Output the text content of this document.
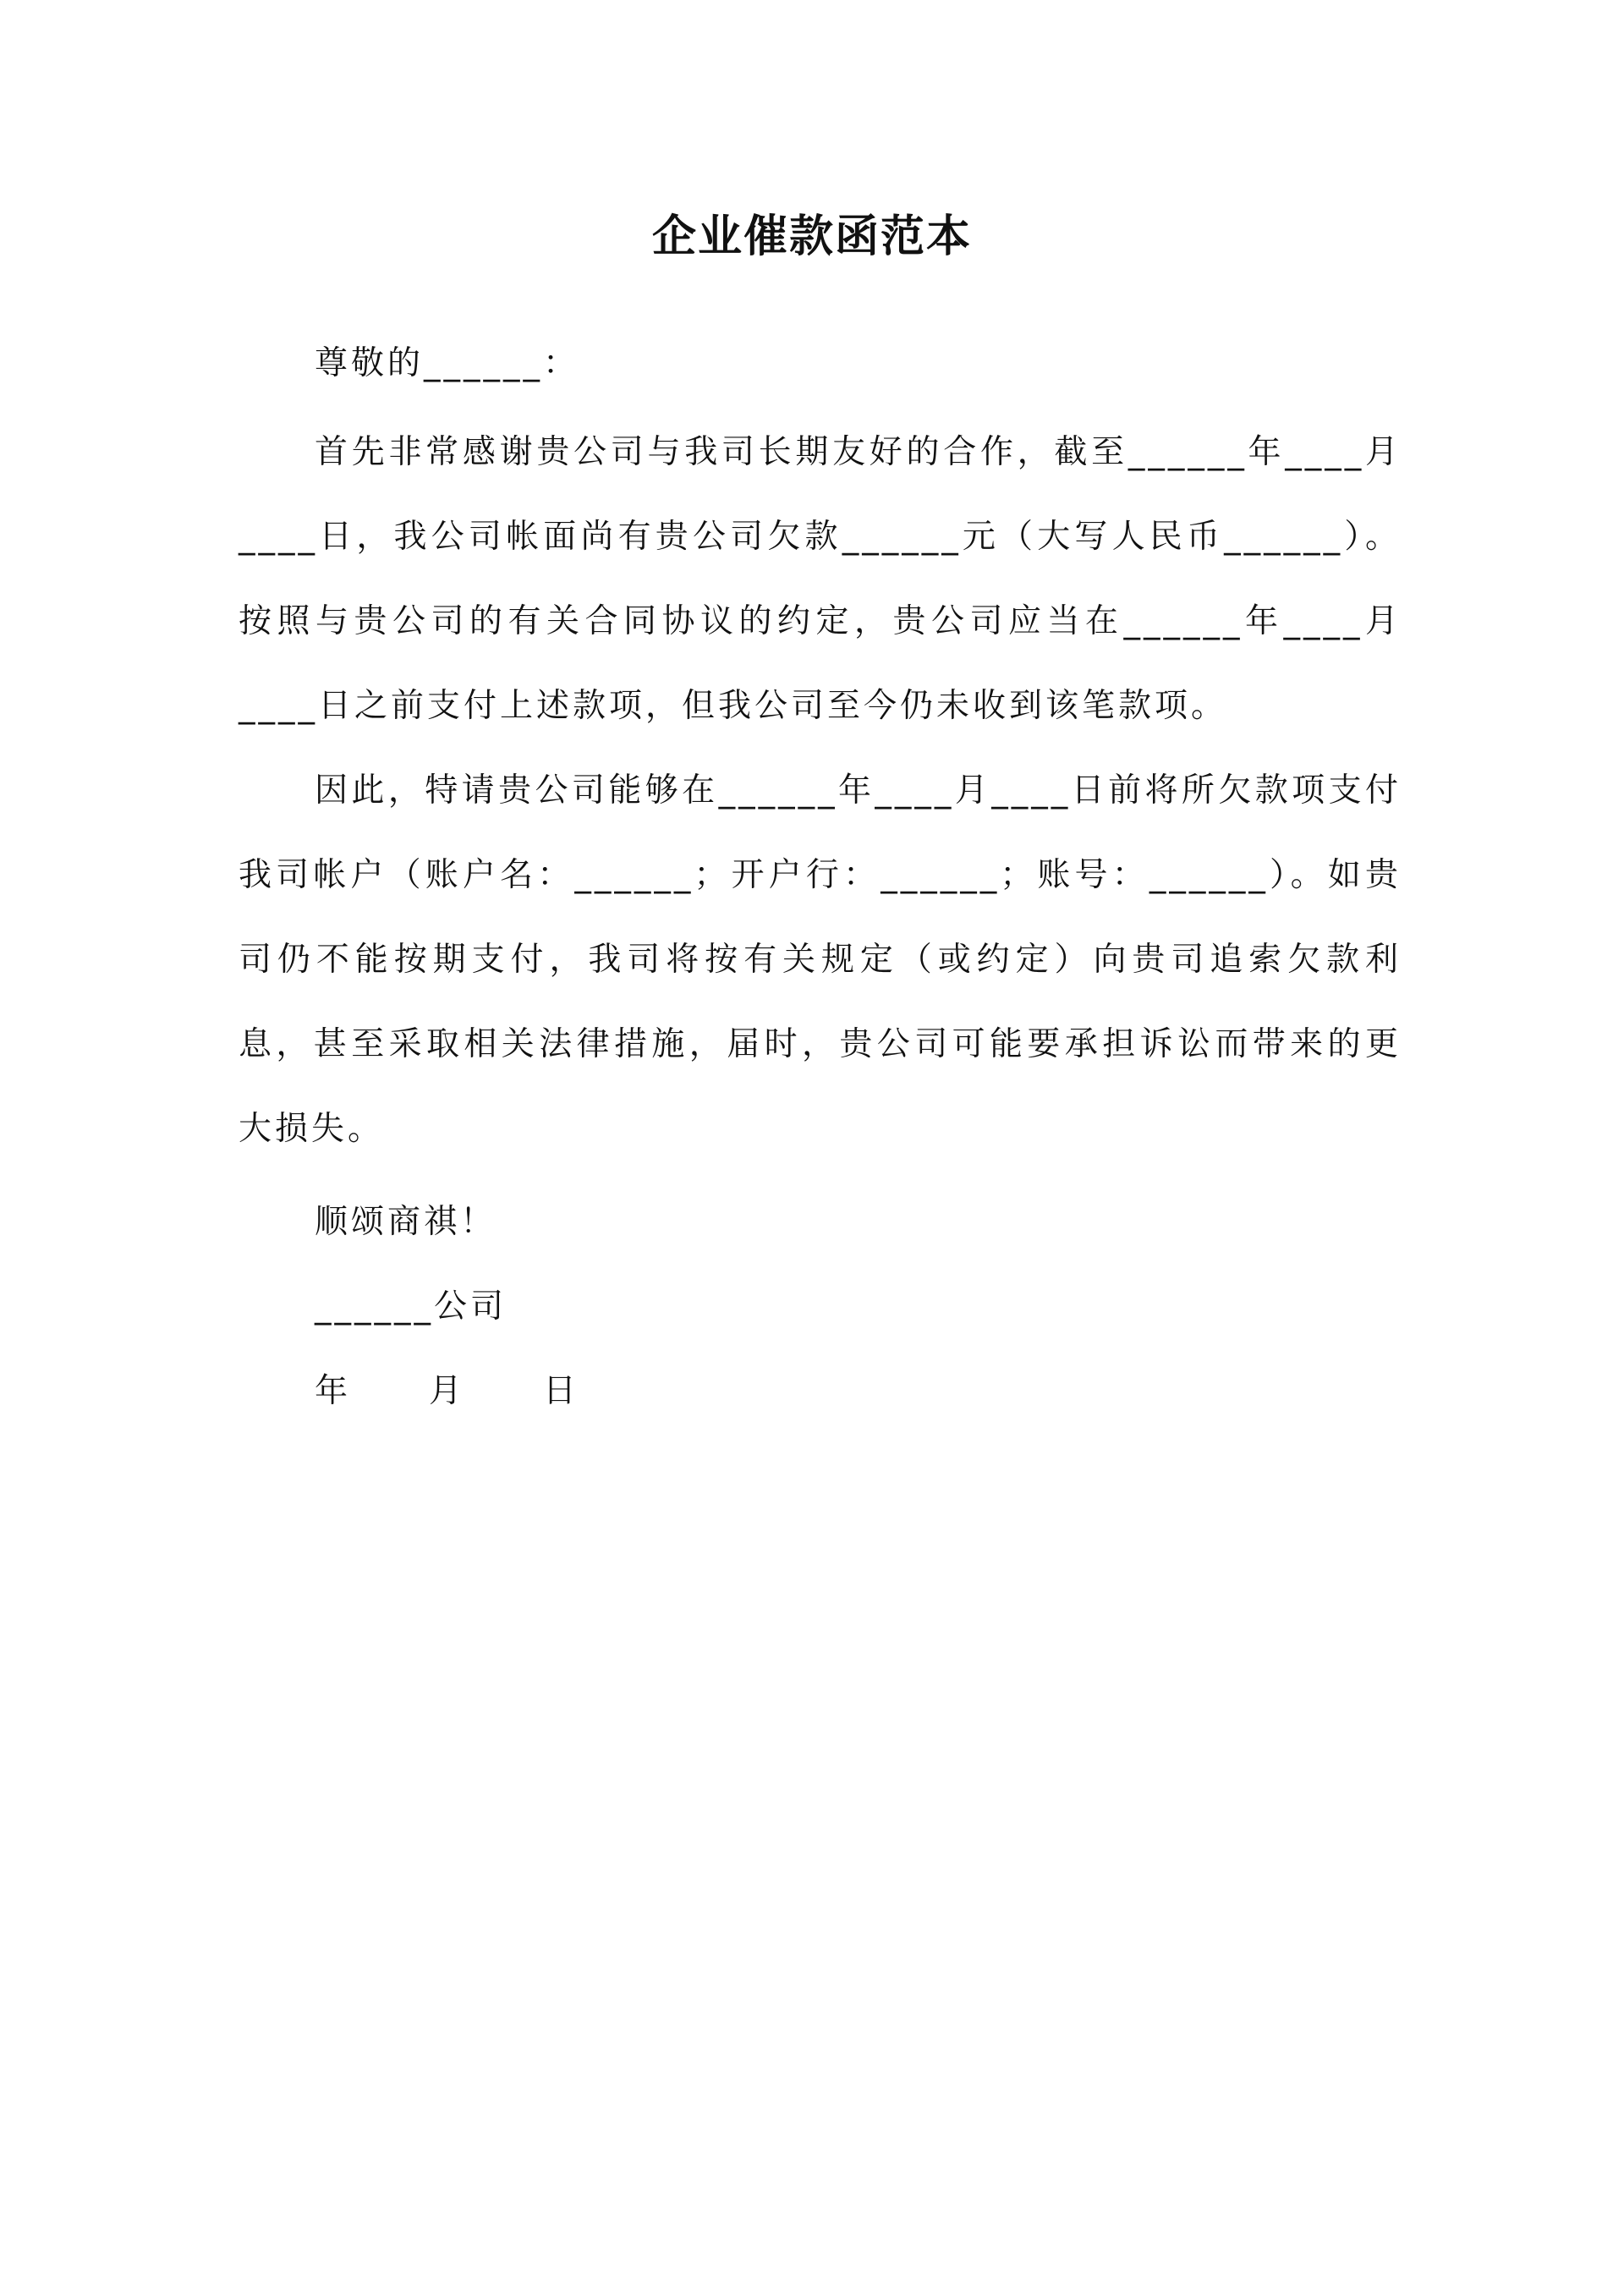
企业催款函范本
尊敬的______：

首先非常感谢贵公司与我司长期友好的合作，截至______年____月____日，我公司帐面尚有贵公司欠款______元（大写人民币______）。按照与贵公司的有关合同协议的约定，贵公司应当在______年____月____日之前支付上述款项，但我公司至今仍未收到该笔款项。

因此，特请贵公司能够在______年____月____日前将所欠款项支付我司帐户（账户名：______；开户行：______；账号：______）。如贵司仍不能按期支付，我司将按有关规定（或约定）向贵司追索欠款利息，甚至采取相关法律措施，届时，贵公司可能要承担诉讼而带来的更大损失。

顺颂商祺！
______公司
年 月 日
